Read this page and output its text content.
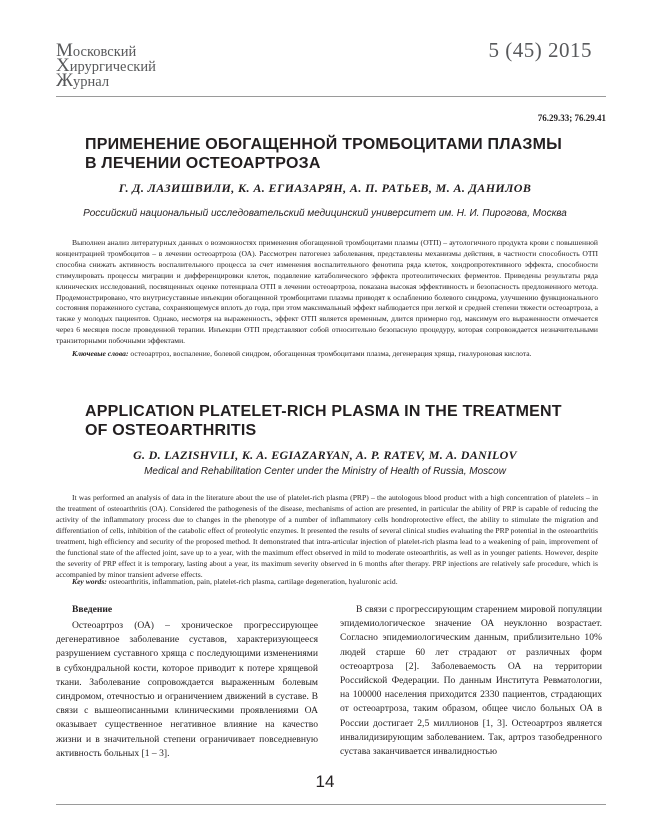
Московский
Хирургический
Журнал
5 (45) 2015
76.29.33; 76.29.41
ПРИМЕНЕНИЕ ОБОГАЩЕННОЙ ТРОМБОЦИТАМИ ПЛАЗМЫ В ЛЕЧЕНИИ ОСТЕОАРТРОЗА
Г. Д. ЛАЗИШВИЛИ, К. А. ЕГИАЗАРЯН, А. П. РАТЬЕВ, М. А. ДАНИЛОВ
Российский национальный исследовательский медицинский университет им. Н. И. Пирогова, Москва
Выполнен анализ литературных данных о возможностях применения обогащенной тромбоцитами плазмы (ОТП) – аутологичного продукта крови с повышенной концентрацией тромбоцитов – в лечении остеоартроза (ОА). Рассмотрен патогенез заболевания, представлены механизмы действия, в частности способность ОТП способна снижать активность воспалительного процесса за счет изменения воспалительного фенотипа ряда клеток, хондропротективного эффекта, способности стимулировать процессы миграции и дифференцировки клеток, подавление катаболического эффекта протеолитических ферментов. Приведены результаты ряда клинических исследований, посвященных оценке потенциала ОТП в лечении остеоартроза, показана высокая эффективность и безопасность предложенного метода. Продемонстрировано, что внутрисуставные инъекции обогащенной тромбоцитами плазмы приводят к ослаблению болевого синдрома, улучшению функционального состояния пораженного сустава, сохраняющемуся вплоть до года, при этом максимальный эффект наблюдается при легкой и средней степени тяжести остеоартроза, а также у молодых пациентов. Однако, несмотря на выраженность, эффект ОТП является временным, длится примерно год, максимум его выраженности отмечается через 6 месяцев после проведенной терапии. Инъекции ОТП представляют собой относительно безопасную процедуру, которая сопровождается незначительными транзиторными побочными эффектами.
Ключевые слова: остеоартроз, воспаление, болевой синдром, обогащенная тромбоцитами плазма, дегенерация хряща, гиалуроновая кислота.
APPLICATION PLATELET-RICH PLASMA IN THE TREATMENT OF OSTEOARTHRITIS
G. D. LAZISHVILI, K. A. EGIAZARYAN, A. P. RATEV, M. A. DANILOV
Medical and Rehabilitation Center under the Ministry of Health of Russia, Moscow
It was performed an analysis of data in the literature about the use of platelet-rich plasma (PRP) – the autologous blood product with a high concentration of platelets – in the treatment of osteoarthritis (OA). Considered the pathogenesis of the disease, mechanisms of action are presented, in particular the ability of PRP is capable of reducing the activity of the inflammatory process due to changes in the phenotype of a number of inflammatory cells hondroprotective effect, the ability to stimulate the migration and differentiation of cells, inhibition of the catabolic effect of proteolytic enzymes. It presented the results of several clinical studies evaluating the PRP potential in the osteoarthritis treatment, high efficiency and security of the proposed method. It demonstrated that intra-articular injection of platelet-rich plasma lead to a weakening of pain, improvement of the functional state of the affected joint, save up to a year, with the maximum effect observed in mild to moderate osteoarthritis, as well as in younger patients. However, despite the severity of PRP effect it is temporary, lasting about a year, its maximum severity observed in 6 months after therapy. PRP injections are relatively safe procedure, which is accompanied by minor transient adverse effects.
Key words: osteoarthritis, inflammation, pain, platelet-rich plasma, cartilage degeneration, hyaluronic acid.
Введение

Остеоартроз (ОА) – хроническое прогрессирующее дегенеративное заболевание суставов, характеризующееся разрушением суставного хряща с последующими изменениями в субхондральной кости, которое приводит к потере хрящевой ткани. Заболевание сопровождается выраженным болевым синдромом, отечностью и ограничением движений в суставе. В связи с вышеописанными клиническими проявлениями ОА оказывает существенное негативное влияние на качество жизни и в значительной степени ограничивает повседневную активность больных [1 – 3].

В связи с прогрессирующим старением мировой популяции эпидемиологическое значение ОА неуклонно возрастает. Согласно эпидемиологическим данным, приблизительно 10% людей старше 60 лет страдают от различных форм остеоартроза [2]. Заболеваемость ОА на территории Российской Федерации. По данным Института Ревматологии, на 100000 населения приходится 2330 пациентов, страдающих от остеоартроза, таким образом, общее число больных ОА в России достигает 2,5 миллионов [1, 3]. Остеоартроз является инвалидизирующим заболеванием. Так, артроз тазобедренного сустава заканчивается инвалидностью

14
